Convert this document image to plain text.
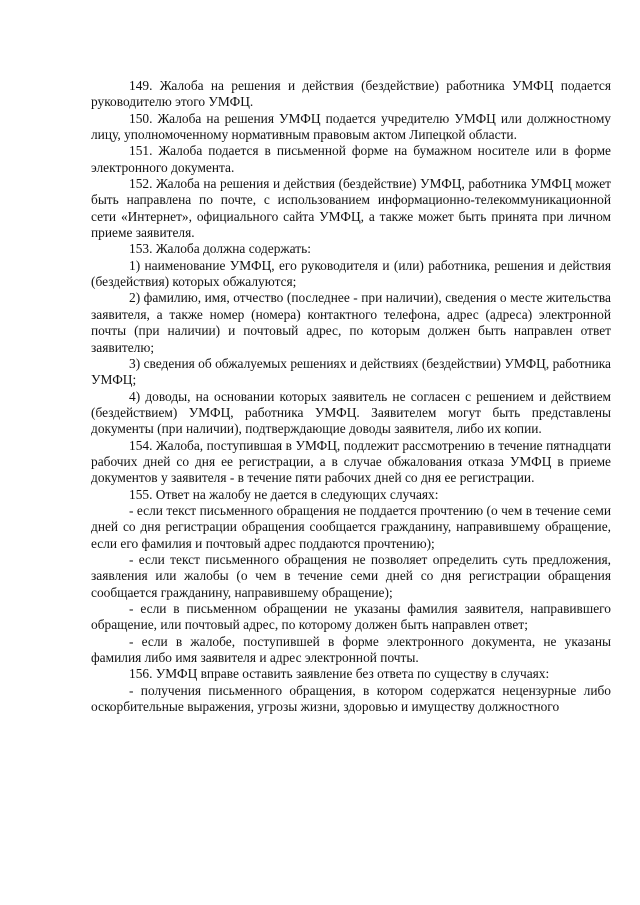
149. Жалоба на решения и действия (бездействие) работника УМФЦ подается руководителю этого УМФЦ.

150. Жалоба на решения УМФЦ подается учредителю УМФЦ или должностному лицу, уполномоченному нормативным правовым актом Липецкой области.

151. Жалоба подается в письменной форме на бумажном носителе или в форме электронного документа.

152. Жалоба на решения и действия (бездействие) УМФЦ, работника УМФЦ может быть направлена по почте, с использованием информационно-телекоммуникационной сети «Интернет», официального сайта УМФЦ, а также может быть принята при личном приеме заявителя.

153. Жалоба должна содержать:

1) наименование УМФЦ, его руководителя и (или) работника, решения и действия (бездействия) которых обжалуются;

2) фамилию, имя, отчество (последнее - при наличии), сведения о месте жительства заявителя, а также номер (номера) контактного телефона, адрес (адреса) электронной почты (при наличии) и почтовый адрес, по которым должен быть направлен ответ заявителю;

3) сведения об обжалуемых решениях и действиях (бездействии) УМФЦ, работника УМФЦ;

4) доводы, на основании которых заявитель не согласен с решением и действием (бездействием) УМФЦ, работника УМФЦ. Заявителем могут быть представлены документы (при наличии), подтверждающие доводы заявителя, либо их копии.

154. Жалоба, поступившая в УМФЦ, подлежит рассмотрению в течение пятнадцати рабочих дней со дня ее регистрации, а в случае обжалования отказа УМФЦ в приеме документов у заявителя - в течение пяти рабочих дней со дня ее регистрации.

155. Ответ на жалобу не дается в следующих случаях:

- если текст письменного обращения не поддается прочтению (о чем в течение семи дней со дня регистрации обращения сообщается гражданину, направившему обращение, если его фамилия и почтовый адрес поддаются прочтению);

- если текст письменного обращения не позволяет определить суть предложения, заявления или жалобы (о чем в течение семи дней со дня регистрации обращения сообщается гражданину, направившему обращение);

- если в письменном обращении не указаны фамилия заявителя, направившего обращение, или почтовый адрес, по которому должен быть направлен ответ;

- если в жалобе, поступившей в форме электронного документа, не указаны фамилия либо имя заявителя и адрес электронной почты.

156. УМФЦ вправе оставить заявление без ответа по существу в случаях:

- получения письменного обращения, в котором содержатся нецензурные либо оскорбительные выражения, угрозы жизни, здоровью и имуществу должностного
